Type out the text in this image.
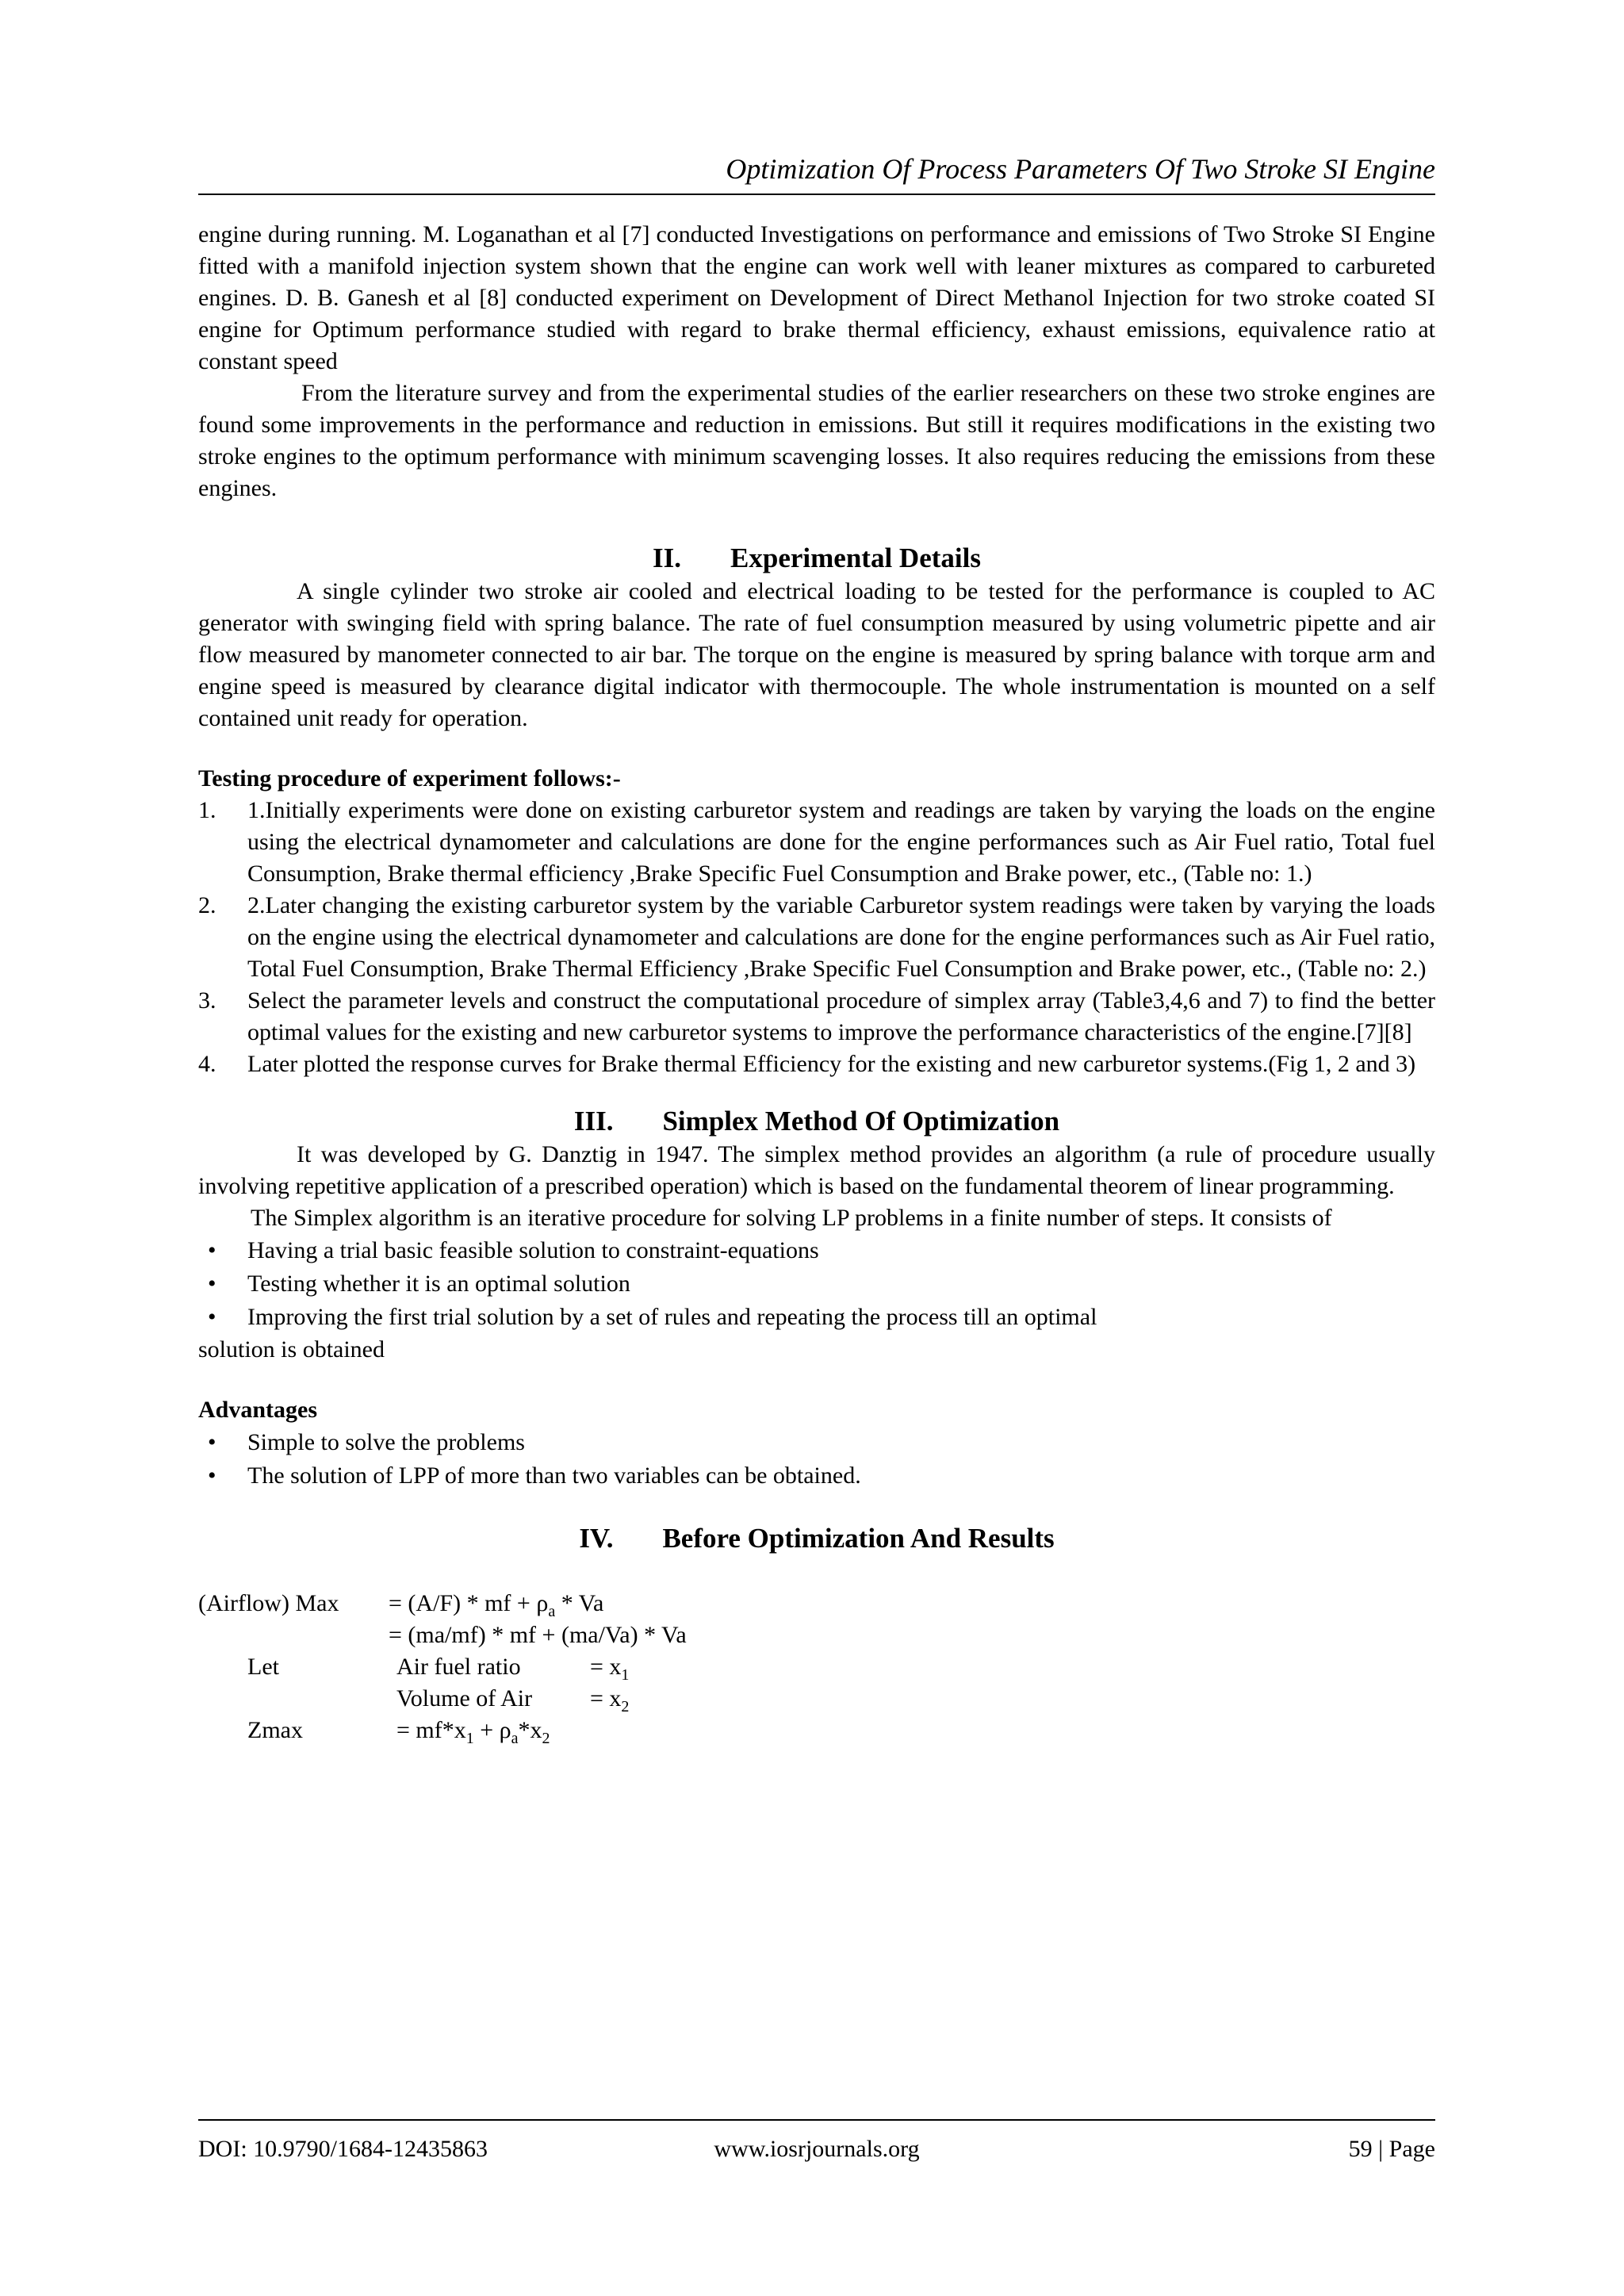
Optimization Of Process Parameters Of Two Stroke SI Engine

engine during running. M. Loganathan et al [7] conducted Investigations on performance and emissions of Two Stroke SI Engine fitted with a manifold injection system shown that the engine can work well with leaner mixtures as compared to carbureted engines. D. B. Ganesh et al [8] conducted experiment on Development of Direct Methanol Injection for two stroke coated SI engine for Optimum performance studied with regard to brake thermal efficiency, exhaust emissions, equivalence ratio at constant speed

From the literature survey and from the experimental studies of the earlier researchers on these two stroke engines are found some improvements in the performance and reduction in emissions. But still it requires modifications in the existing two stroke engines to the optimum performance with minimum scavenging losses. It also requires reducing the emissions from these engines.

II. Experimental Details

A single cylinder two stroke air cooled and electrical loading to be tested for the performance is coupled to AC generator with swinging field with spring balance. The rate of fuel consumption measured by using volumetric pipette and air flow measured by manometer connected to air bar. The torque on the engine is measured by spring balance with torque arm and engine speed is measured by clearance digital indicator with thermocouple. The whole instrumentation is mounted on a self contained unit ready for operation.

Testing procedure of experiment follows:-

1. 1.Initially experiments were done on existing carburetor system and readings are taken by varying the loads on the engine using the electrical dynamometer and calculations are done for the engine performances such as Air Fuel ratio, Total fuel Consumption, Brake thermal efficiency ,Brake Specific Fuel Consumption and Brake power, etc., (Table no: 1.)
2. 2.Later changing the existing carburetor system by the variable Carburetor system readings were taken by varying the loads on the engine using the electrical dynamometer and calculations are done for the engine performances such as Air Fuel ratio, Total Fuel Consumption, Brake Thermal Efficiency ,Brake Specific Fuel Consumption and Brake power, etc., (Table no: 2.)
3. Select the parameter levels and construct the computational procedure of simplex array (Table3,4,6 and 7) to find the better optimal values for the existing and new carburetor systems to improve the performance characteristics of the engine.[7][8]
4. Later plotted the response curves for Brake thermal Efficiency for the existing and new carburetor systems.(Fig 1, 2 and 3)
III. Simplex Method Of Optimization

It was developed by G. Danztig in 1947. The simplex method provides an algorithm (a rule of procedure usually involving repetitive application of a prescribed operation) which is based on the fundamental theorem of linear programming.

The Simplex algorithm is an iterative procedure for solving LP problems in a finite number of steps. It consists of

• Having a trial basic feasible solution to constraint-equations
• Testing whether it is an optimal solution
• Improving the first trial solution by a set of rules and repeating the process till an optimal

solution is obtained

Advantages

• Simple to solve the problems
• The solution of LPP of more than two variables can be obtained.
IV. Before Optimization And Results
(Airflow) Max = (A/F) * mf + $\rho_a$ * Va
= (ma/mf) * mf + (ma/Va) * Va
Let	Air fuel ratio	= $x_1$
Volume of Air = $x_2$
Zmax	= $mf*x_1 + \rho_a*x_2$
DOI: 10.9790/1684-12435863	www.iosrjournals.org	59 | Page
